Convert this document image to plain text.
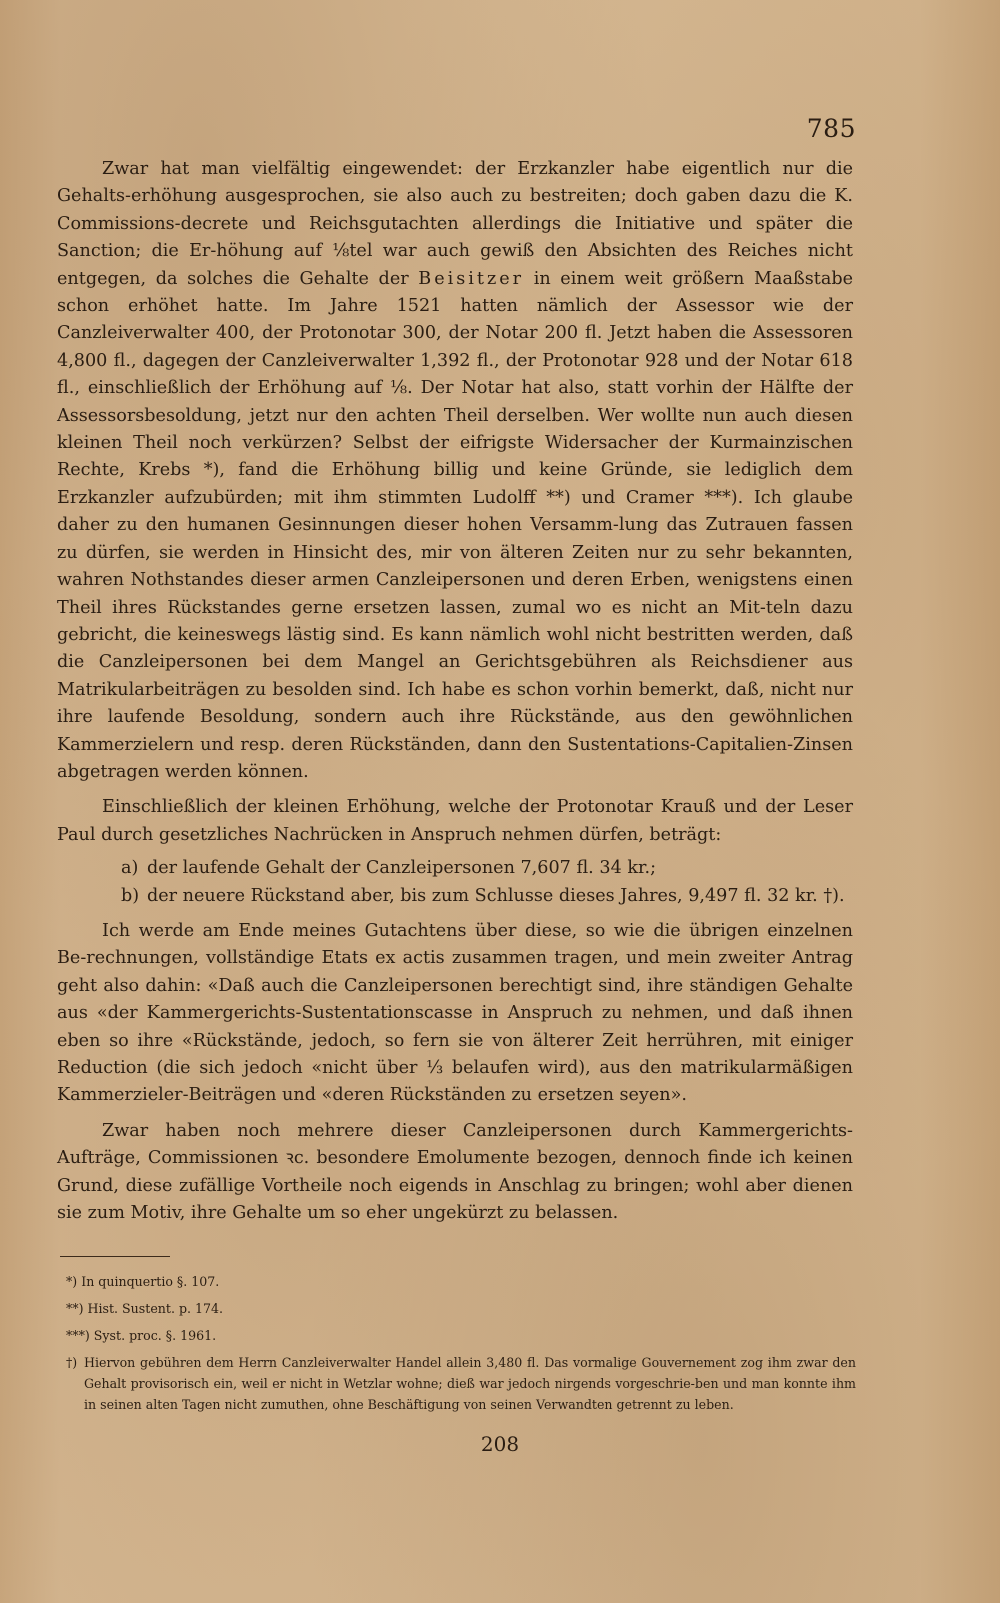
785

Zwar hat man vielfältig eingewendet: der Erzkanzler habe eigentlich nur die Gehalts-erhöhung ausgesprochen, sie also auch zu bestreiten; doch gaben dazu die K. Commissions-decrete und Reichsgutachten allerdings die Initiative und später die Sanction; die Er-höhung auf ⅛tel war auch gewiß den Absichten des Reiches nicht entgegen, da solches die Gehalte der Beisitzer in einem weit größern Maaßstabe schon erhöhet hatte. Im Jahre 1521 hatten nämlich der Assessor wie der Canzleiverwalter 400, der Protonotar 300, der Notar 200 fl. Jetzt haben die Assessoren 4,800 fl., dagegen der Canzleiverwalter 1,392 fl., der Protonotar 928 und der Notar 618 fl., einschließlich der Erhöhung auf ⅛. Der Notar hat also, statt vorhin der Hälfte der Assessorsbesoldung, jetzt nur den achten Theil derselben. Wer wollte nun auch diesen kleinen Theil noch verkürzen? Selbst der eifrigste Widersacher der Kurmainzischen Rechte, Krebs *), fand die Erhöhung billig und keine Gründe, sie lediglich dem Erzkanzler aufzubürden; mit ihm stimmten Ludolff **) und Cramer ***). Ich glaube daher zu den humanen Gesinnungen dieser hohen Versamm-lung das Zutrauen fassen zu dürfen, sie werden in Hinsicht des, mir von älteren Zeiten nur zu sehr bekannten, wahren Nothstandes dieser armen Canzleipersonen und deren Erben, wenigstens einen Theil ihres Rückstandes gerne ersetzen lassen, zumal wo es nicht an Mit-teln dazu gebricht, die keineswegs lästig sind. Es kann nämlich wohl nicht bestritten werden, daß die Canzleipersonen bei dem Mangel an Gerichtsgebühren als Reichsdiener aus Matrikularbeiträgen zu besolden sind. Ich habe es schon vorhin bemerkt, daß, nicht nur ihre laufende Besoldung, sondern auch ihre Rückstände, aus den gewöhnlichen Kammerzielern und resp. deren Rückständen, dann den Sustentations-Capitalien-Zinsen abgetragen werden können.

Einschließlich der kleinen Erhöhung, welche der Protonotar Krauß und der Leser Paul durch gesetzliches Nachrücken in Anspruch nehmen dürfen, beträgt:

a) der laufende Gehalt der Canzleipersonen 7,607 fl. 34 kr.;
b) der neuere Rückstand aber, bis zum Schlusse dieses Jahres, 9,497 fl. 32 kr. †).

Ich werde am Ende meines Gutachtens über diese, so wie die übrigen einzelnen Be-rechnungen, vollständige Etats ex actis zusammen tragen, und mein zweiter Antrag geht also dahin: «Daß auch die Canzleipersonen berechtigt sind, ihre ständigen Gehalte aus «der Kammergerichts-Sustentationscasse in Anspruch zu nehmen, und daß ihnen eben so ihre «Rückstände, jedoch, so fern sie von älterer Zeit herrühren, mit einiger Reduction (die sich jedoch «nicht über ⅓ belaufen wird), aus den matrikularmäßigen Kammerzieler-Beiträgen und «deren Rückständen zu ersetzen seyen».

Zwar haben noch mehrere dieser Canzleipersonen durch Kammergerichts-Aufträge, Commissionen ꝛc. besondere Emolumente bezogen, dennoch finde ich keinen Grund, diese zufällige Vortheile noch eigends in Anschlag zu bringen; wohl aber dienen sie zum Motiv, ihre Gehalte um so eher ungekürzt zu belassen.

*) In quinquertio §. 107.
**) Hist. Sustent. p. 174.
***) Syst. proc. §. 1961.
†) Hiervon gebühren dem Herrn Canzleiverwalter Handel allein 3,480 fl. Das vormalige Gouvernement zog ihm zwar den Gehalt provisorisch ein, weil er nicht in Wetzlar wohne; dieß war jedoch nirgends vorgeschrie-ben und man konnte ihm in seinen alten Tagen nicht zumuthen, ohne Beschäftigung von seinen Verwandten getrennt zu leben.
208
